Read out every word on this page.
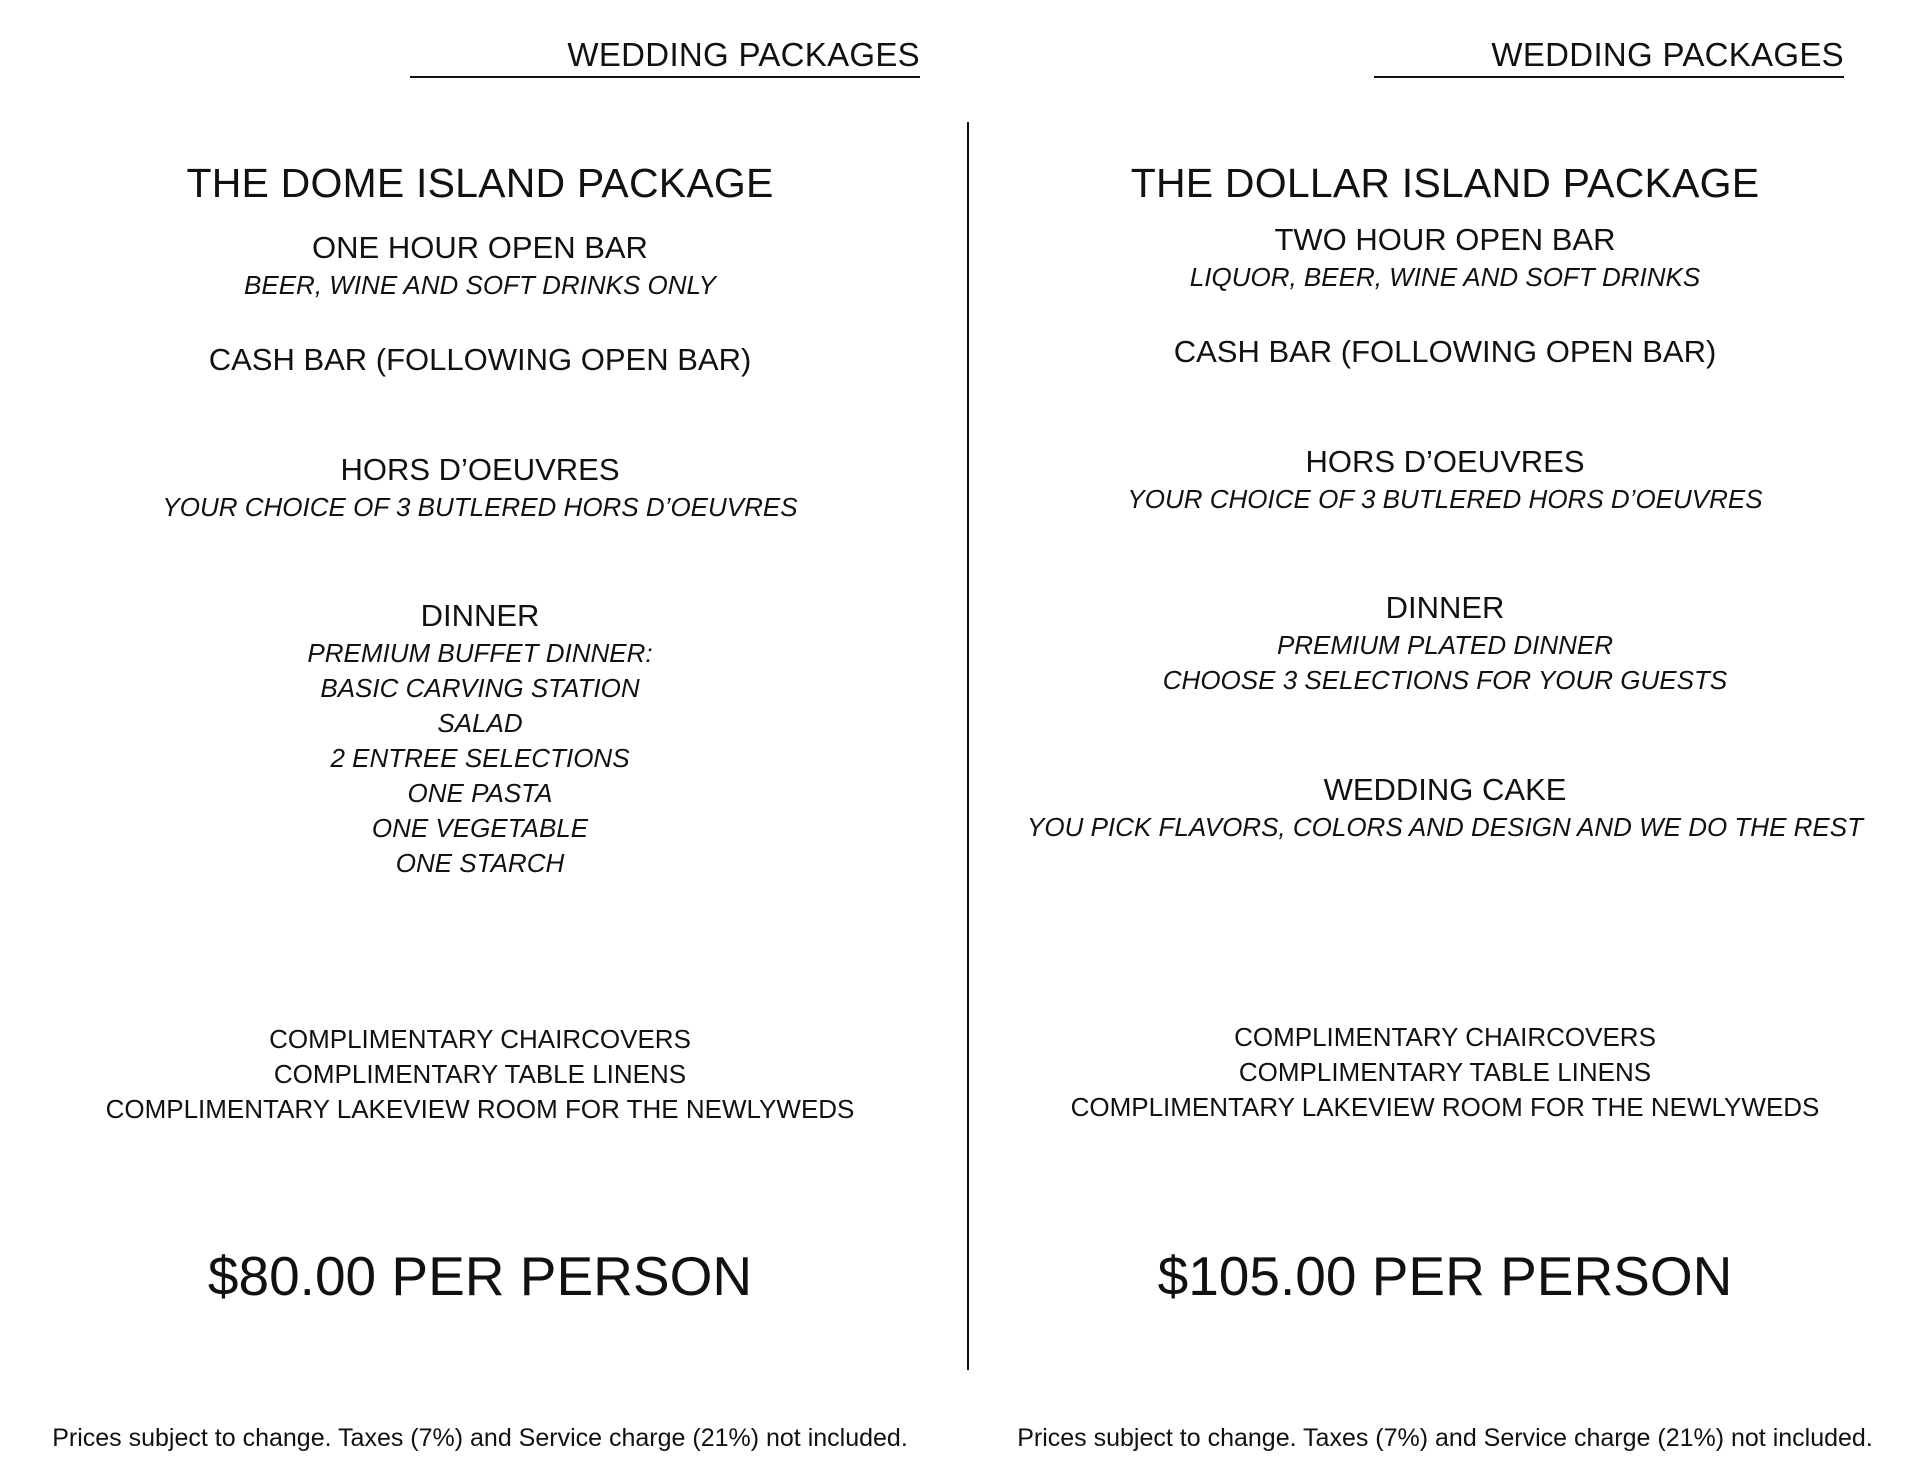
WEDDING PACKAGES
THE DOME ISLAND PACKAGE
ONE HOUR OPEN BAR
BEER, WINE AND SOFT DRINKS ONLY
CASH BAR (FOLLOWING OPEN BAR)
HORS D’OEUVRES
YOUR CHOICE OF 3 BUTLERED HORS D’OEUVRES
DINNER
PREMIUM BUFFET DINNER:
BASIC CARVING STATION
SALAD
2 ENTREE SELECTIONS
ONE PASTA
ONE VEGETABLE
ONE STARCH
COMPLIMENTARY CHAIRCOVERS
COMPLIMENTARY TABLE LINENS
COMPLIMENTARY LAKEVIEW ROOM FOR THE NEWLYWEDS
$80.00 PER PERSON
Prices subject to change. Taxes (7%) and Service charge (21%) not included.
WEDDING PACKAGES
THE DOLLAR ISLAND PACKAGE
TWO HOUR OPEN BAR
LIQUOR, BEER, WINE AND SOFT DRINKS
CASH BAR (FOLLOWING OPEN BAR)
HORS D’OEUVRES
YOUR CHOICE OF 3 BUTLERED HORS D’OEUVRES
DINNER
PREMIUM PLATED DINNER
CHOOSE 3 SELECTIONS FOR YOUR GUESTS
WEDDING CAKE
YOU PICK FLAVORS, COLORS AND DESIGN AND WE DO THE REST
COMPLIMENTARY CHAIRCOVERS
COMPLIMENTARY TABLE LINENS
COMPLIMENTARY LAKEVIEW ROOM FOR THE NEWLYWEDS
$105.00 PER PERSON
Prices subject to change. Taxes (7%) and Service charge (21%) not included.
